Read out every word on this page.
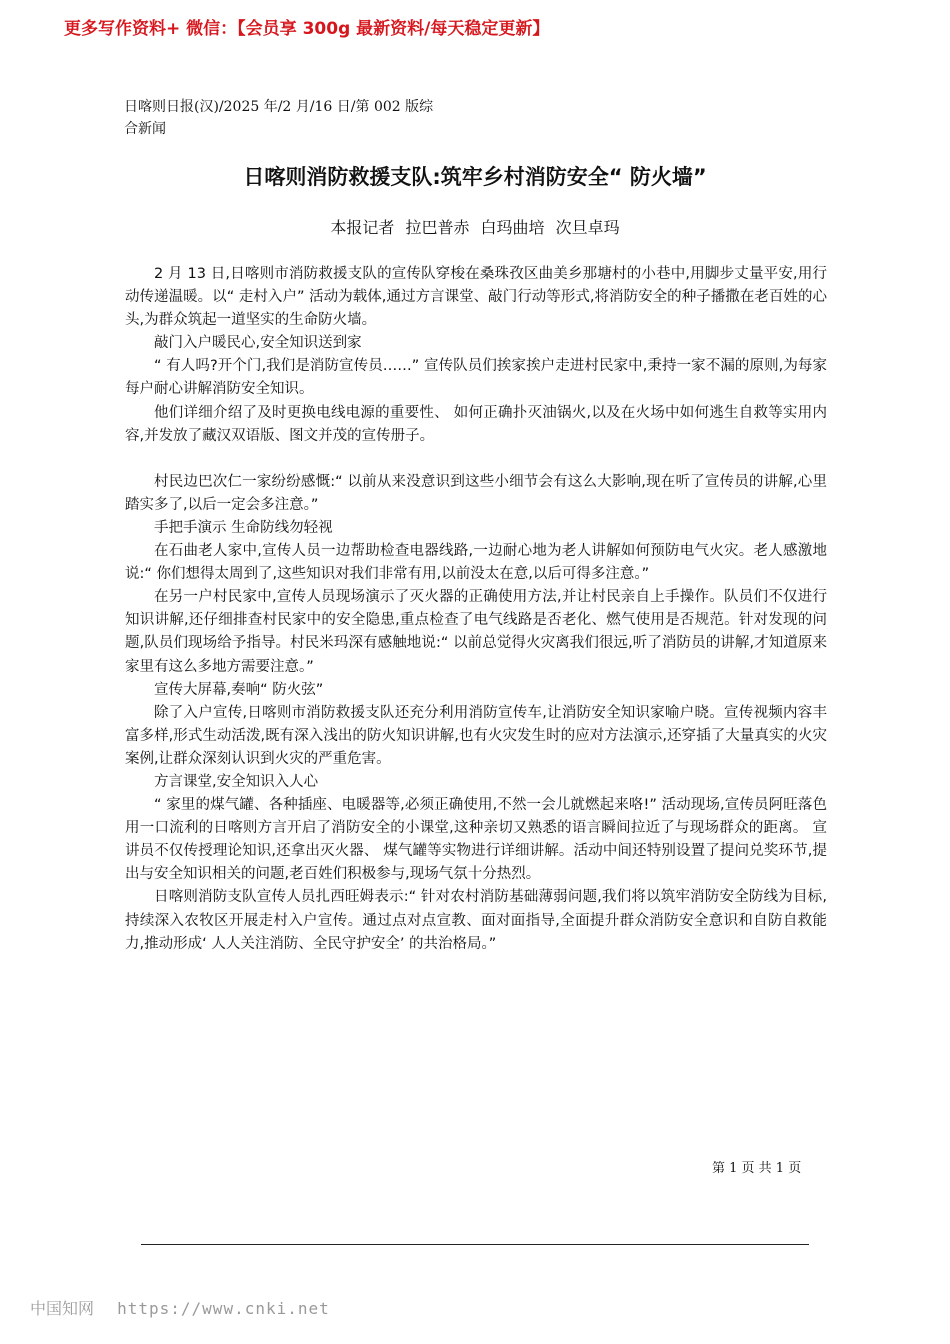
更多写作资料+ 微信：【会员享 300g 最新资料/每天稳定更新】
日喀则日报(汉)/2025 年/2 月/16 日/第 002 版综合新闻
日喀则消防救援支队:筑牢乡村消防安全“ 防火墙”
本报记者 拉巴普赤 白玛曲培 次旦卓玛

2 月 13 日,日喀则市消防救援支队的宣传队穿梭在桑珠孜区曲美乡那塘村的小巷中,用脚步丈量平安,用行动传递温暖。以“ 走村入户” 活动为载体,通过方言课堂、敲门行动等形式,将消防安全的种子播撒在老百姓的心头,为群众筑起一道坚实的生命防火墙。

敲门入户暖民心,安全知识送到家

“ 有人吗?开个门,我们是消防宣传员……” 宣传队员们挨家挨户走进村民家中,秉持一家不漏的原则,为每家每户耐心讲解消防安全知识。

他们详细介绍了及时更换电线电源的重要性、 如何正确扑灭油锅火,以及在火场中如何逃生自救等实用内容,并发放了藏汉双语版、图文并茂的宣传册子。

村民边巴次仁一家纷纷感慨:“ 以前从来没意识到这些小细节会有这么大影响,现在听了宣传员的讲解,心里踏实多了,以后一定会多注意。”

手把手演示 生命防线勿轻视

在石曲老人家中,宣传人员一边帮助检查电器线路,一边耐心地为老人讲解如何预防电气火灾。老人感激地说:“ 你们想得太周到了,这些知识对我们非常有用,以前没太在意,以后可得多注意。”

在另一户村民家中,宣传人员现场演示了灭火器的正确使用方法,并让村民亲自上手操作。队员们不仅进行知识讲解,还仔细排查村民家中的安全隐患,重点检查了电气线路是否老化、燃气使用是否规范。针对发现的问题,队员们现场给予指导。村民米玛深有感触地说:“ 以前总觉得火灾离我们很远,听了消防员的讲解,才知道原来家里有这么多地方需要注意。”

宣传大屏幕,奏响“ 防火弦”

除了入户宣传,日喀则市消防救援支队还充分利用消防宣传车,让消防安全知识家喻户晓。宣传视频内容丰富多样,形式生动活泼,既有深入浅出的防火知识讲解,也有火灾发生时的应对方法演示,还穿插了大量真实的火灾案例,让群众深刻认识到火灾的严重危害。

方言课堂,安全知识入人心

“ 家里的煤气罐、各种插座、电暖器等,必须正确使用,不然一会儿就燃起来咯!” 活动现场,宣传员阿旺落色用一口流利的日喀则方言开启了消防安全的小课堂,这种亲切又熟悉的语言瞬间拉近了与现场群众的距离。 宣讲员不仅传授理论知识,还拿出灭火器、 煤气罐等实物进行详细讲解。活动中间还特别设置了提问兑奖环节,提出与安全知识相关的问题,老百姓们积极参与,现场气氛十分热烈。

日喀则消防支队宣传人员扎西旺姆表示:“ 针对农村消防基础薄弱问题,我们将以筑牢消防安全防线为目标,持续深入农牧区开展走村入户宣传。通过点对点宣教、面对面指导,全面提升群众消防安全意识和自防自救能力,推动形成‘ 人人关注消防、全民守护安全’ 的共治格局。”

第 1 页 共 1 页
中国知网 https://www.cnki.net
